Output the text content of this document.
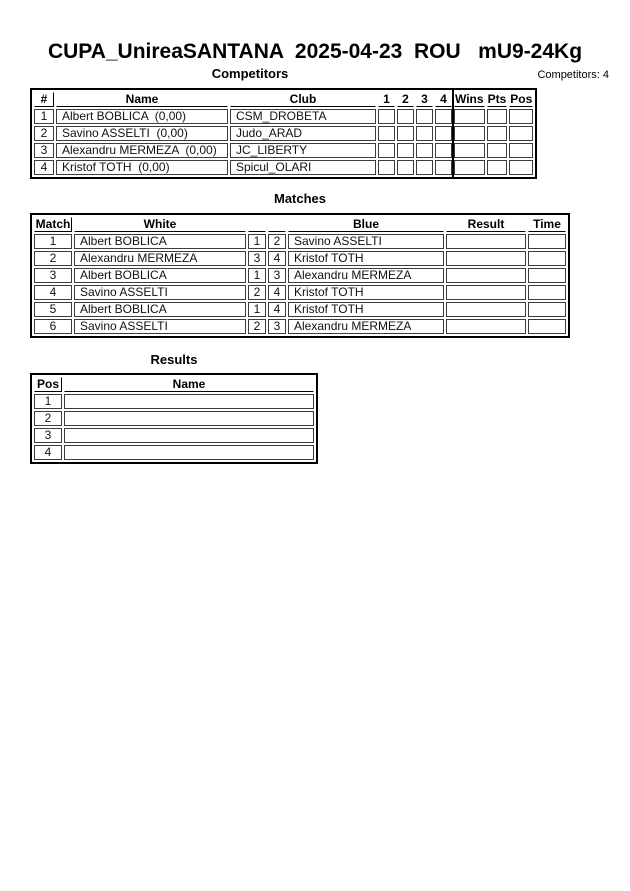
CUPA_UnireaSANTANA  2025-04-23  ROU   mU9-24Kg
Competitors	Competitors: 4
#	Name	Club	1	2	3	4	Wins	Pts	Pos
1	Albert BOBLICA  (0,00)	CSM_DROBETA							
2	Savino ASSELTI  (0,00)	Judo_ARAD							
3	Alexandru MERMEZA  (0,00)	JC_LIBERTY							
4	Kristof TOTH  (0,00)	Spicul_OLARI							
Matches
Match	White			Blue	Result	Time
1	Albert BOBLICA	1	2	Savino ASSELTI		
2	Alexandru MERMEZA	3	4	Kristof TOTH		
3	Albert BOBLICA	1	3	Alexandru MERMEZA		
4	Savino ASSELTI	2	4	Kristof TOTH		
5	Albert BOBLICA	1	4	Kristof TOTH		
6	Savino ASSELTI	2	3	Alexandru MERMEZA		
Results
Pos	Name
1	
2	
3	
4	
